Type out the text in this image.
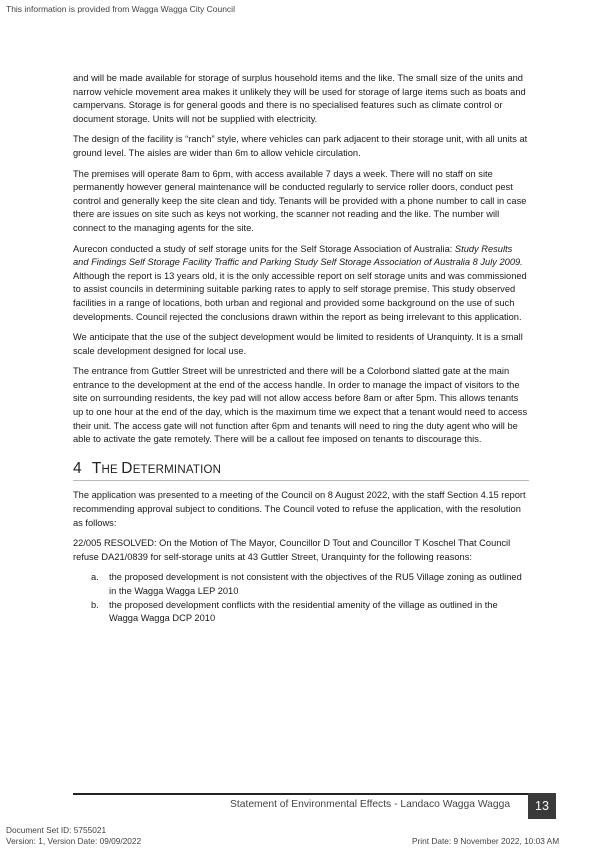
This information is provided from Wagga Wagga City Council

and will be made available for storage of surplus household items and the like. The small size of the units and narrow vehicle movement area makes it unlikely they will be used for storage of large items such as boats and campervans. Storage is for general goods and there is no specialised features such as climate control or document storage. Units will not be supplied with electricity.

The design of the facility is “ranch” style, where vehicles can park adjacent to their storage unit, with all units at ground level. The aisles are wider than 6m to allow vehicle circulation.

The premises will operate 8am to 6pm, with access available 7 days a week. There will no staff on site permanently however general maintenance will be conducted regularly to service roller doors, conduct pest control and generally keep the site clean and tidy. Tenants will be provided with a phone number to call in case there are issues on site such as keys not working, the scanner not reading and the like. The number will connect to the managing agents for the site.

Aurecon conducted a study of self storage units for the Self Storage Association of Australia: Study Results and Findings Self Storage Facility Traffic and Parking Study Self Storage Association of Australia 8 July 2009. Although the report is 13 years old, it is the only accessible report on self storage units and was commissioned to assist councils in determining suitable parking rates to apply to self storage premise. This study observed facilities in a range of locations, both urban and regional and provided some background on the use of such developments. Council rejected the conclusions drawn within the report as being irrelevant to this application.

We anticipate that the use of the subject development would be limited to residents of Uranquinty. It is a small scale development designed for local use.

The entrance from Guttler Street will be unrestricted and there will be a Colorbond slatted gate at the main entrance to the development at the end of the access handle. In order to manage the impact of visitors to the site on surrounding residents, the key pad will not allow access before 8am or after 5pm. This allows tenants up to one hour at the end of the day, which is the maximum time we expect that a tenant would need to access their unit. The access gate will not function after 6pm and tenants will need to ring the duty agent who will be able to activate the gate remotely. There will be a callout fee imposed on tenants to discourage this.

4 THE DETERMINATION

The application was presented to a meeting of the Council on 8 August 2022, with the staff Section 4.15 report recommending approval subject to conditions. The Council voted to refuse the application, with the resolution as follows:

22/005 RESOLVED: On the Motion of The Mayor, Councillor D Tout and Councillor T Koschel That Council refuse DA21/0839 for self-storage units at 43 Guttler Street, Uranquinty for the following reasons:

a. the proposed development is not consistent with the objectives of the RU5 Village zoning as outlined in the Wagga Wagga LEP 2010
b. the proposed development conflicts with the residential amenity of the village as outlined in the Wagga Wagga DCP 2010
Statement of Environmental Effects - Landaco Wagga Wagga	13
Document Set ID: 5755021
Version: 1, Version Date: 09/09/2022	Print Date: 9 November 2022, 10:03 AM
